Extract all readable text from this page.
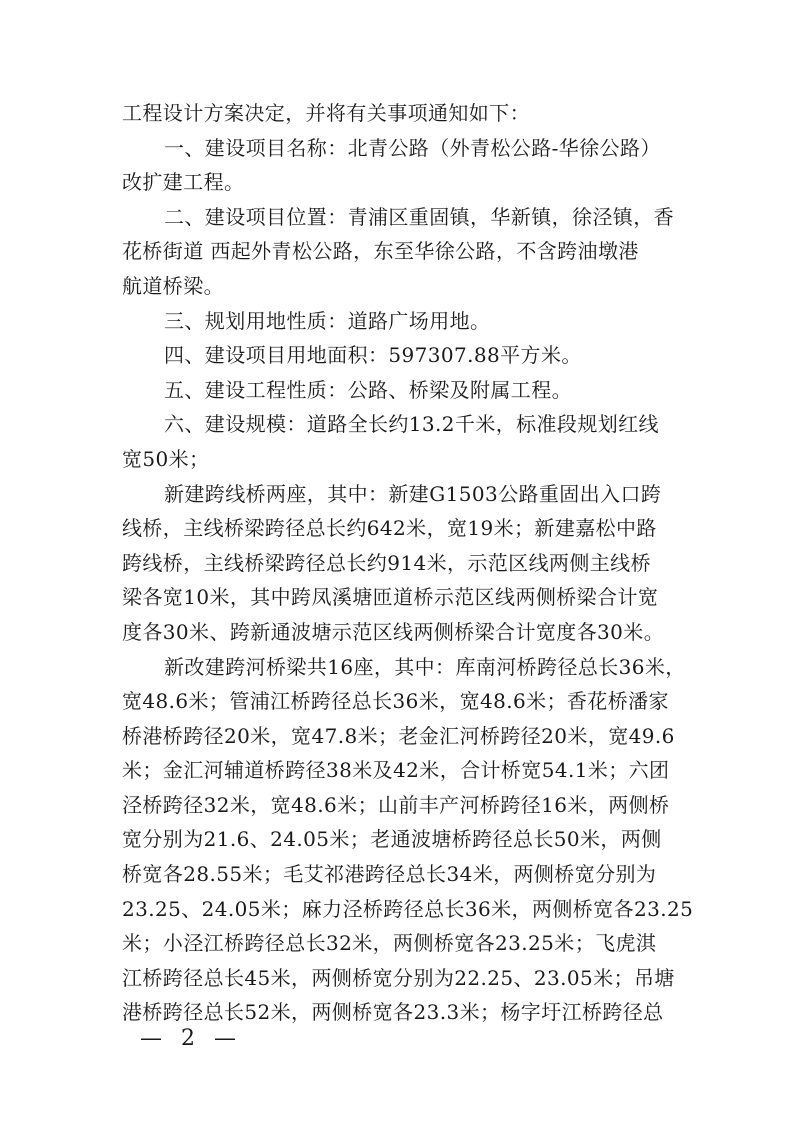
工程设计方案决定，并将有关事项通知如下：
一、建设项目名称：北青公路（外青松公路-华徐公路）
改扩建工程。
二、建设项目位置：青浦区重固镇，华新镇，徐泾镇，香
花桥街道 西起外青松公路，东至华徐公路，不含跨油墩港
航道桥梁。
三、规划用地性质：道路广场用地。
四、建设项目用地面积：597307.88平方米。
五、建设工程性质：公路、桥梁及附属工程。
六、建设规模：道路全长约13.2千米，标准段规划红线
宽50米；
新建跨线桥两座，其中：新建G1503公路重固出入口跨
线桥，主线桥梁跨径总长约642米，宽19米；新建嘉松中路
跨线桥，主线桥梁跨径总长约914米，示范区线两侧主线桥
梁各宽10米，其中跨凤溪塘匝道桥示范区线两侧桥梁合计宽
度各30米、跨新通波塘示范区线两侧桥梁合计宽度各30米。
新改建跨河桥梁共16座，其中：库南河桥跨径总长36米，
宽48.6米；管浦江桥跨径总长36米，宽48.6米；香花桥潘家
桥港桥跨径20米，宽47.8米；老金汇河桥跨径20米，宽49.6
米；金汇河辅道桥跨径38米及42米，合计桥宽54.1米；六团
泾桥跨径32米，宽48.6米；山前丰产河桥跨径16米，两侧桥
宽分别为21.6、24.05米；老通波塘桥跨径总长50米，两侧
桥宽各28.55米；毛艾祁港跨径总长34米，两侧桥宽分别为
23.25、24.05米；麻力泾桥跨径总长36米，两侧桥宽各23.25
米；小泾江桥跨径总长32米，两侧桥宽各23.25米；飞虎淇
江桥跨径总长45米，两侧桥宽分别为22.25、23.05米；吊塘
港桥跨径总长52米，两侧桥宽各23.3米；杨字圩江桥跨径总
— 2 —
